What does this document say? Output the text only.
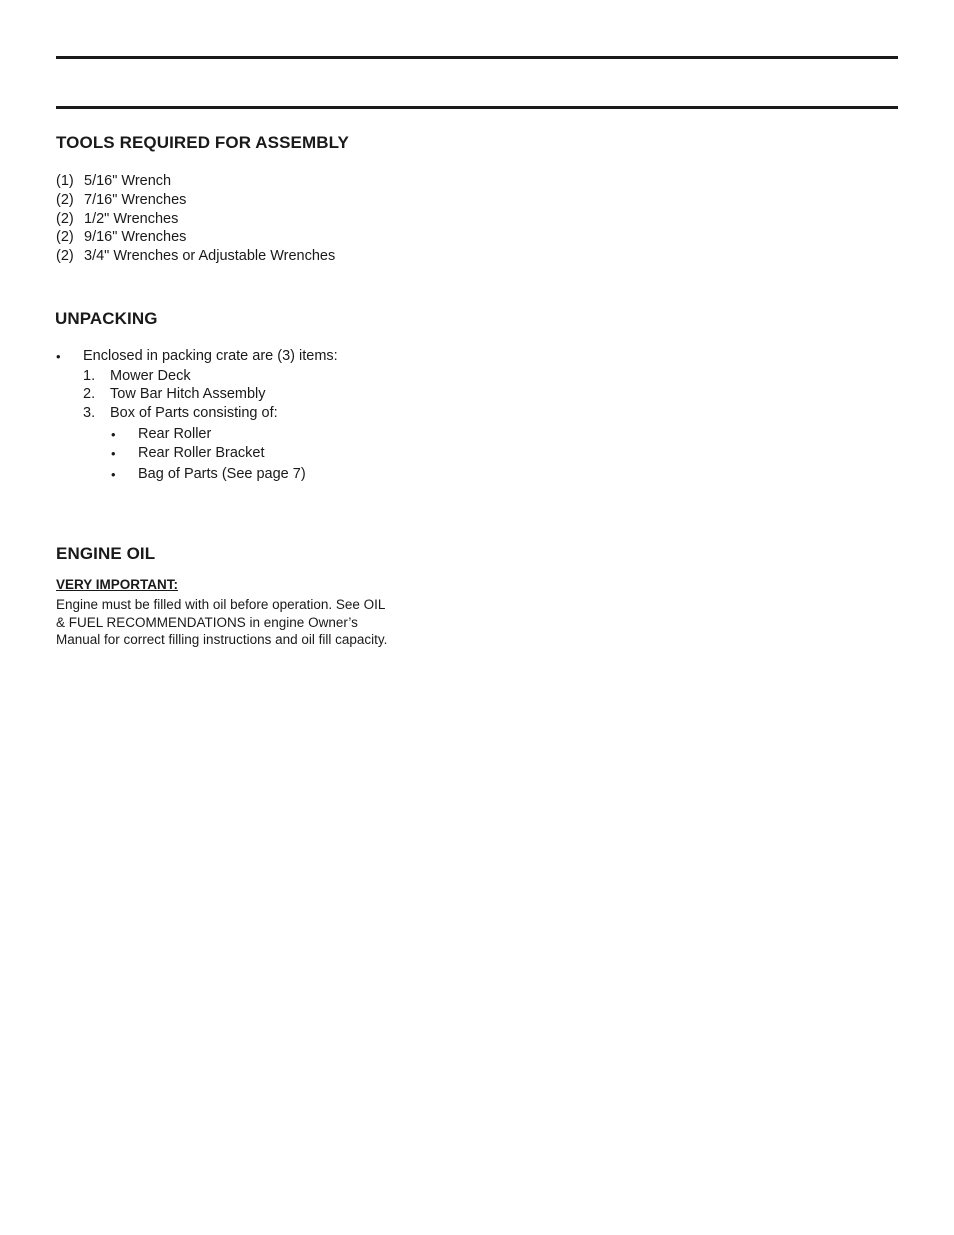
TOOLS REQUIRED FOR ASSEMBLY
(1) 5/16" Wrench
(2) 7/16" Wrenches
(2) 1/2" Wrenches
(2) 9/16" Wrenches
(2) 3/4" Wrenches or Adjustable Wrenches
UNPACKING
• Enclosed in packing crate are (3) items:
1. Mower Deck
2. Tow Bar Hitch Assembly
3. Box of Parts consisting of:
• Rear Roller
• Rear Roller Bracket
• Bag of Parts (See page 7)
ENGINE OIL
VERY IMPORTANT:
Engine must be filled with oil before operation. See OIL
& FUEL RECOMMENDATIONS in engine Owner’s
Manual for correct filling instructions and oil fill capacity.
